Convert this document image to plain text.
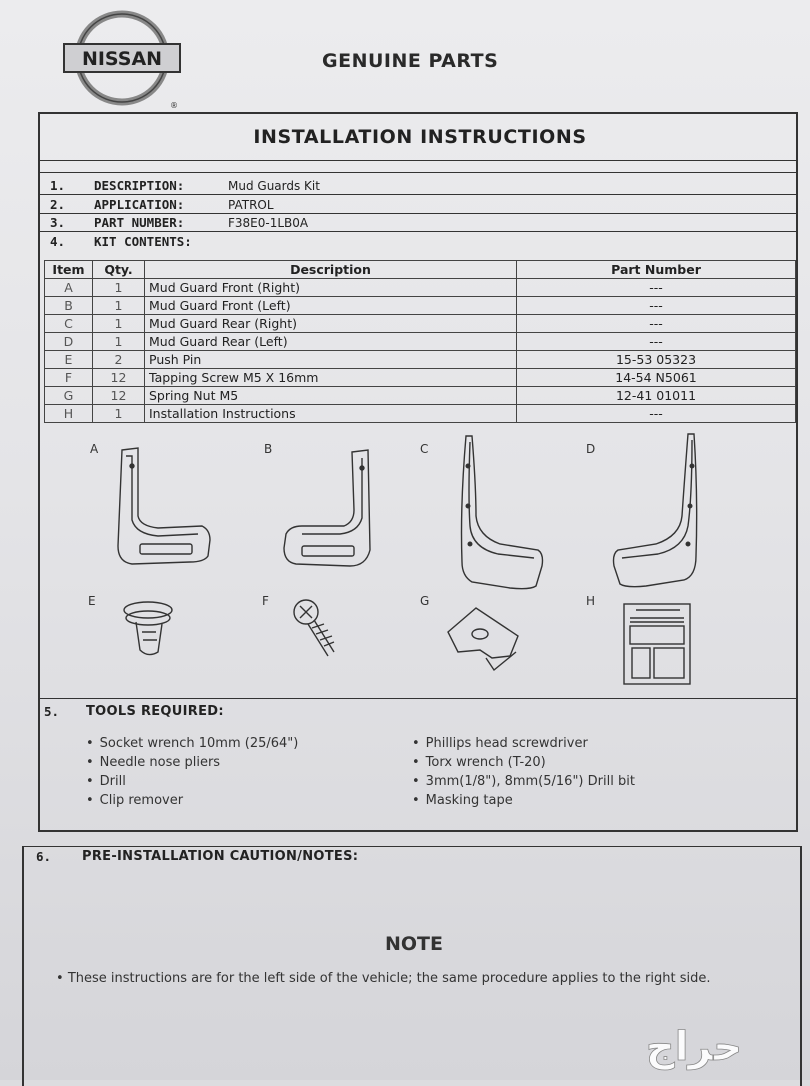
NISSAN
®
GENUINE PARTS
INSTALLATION INSTRUCTIONS
1. DESCRIPTION:	Mud Guards Kit
2. APPLICATION:	PATROL
3. PART NUMBER:	F38E0-1LB0A
4. KIT CONTENTS:
Item	Qty.	Description	Part Number
A	1	Mud Guard Front (Right)	---
B	1	Mud Guard Front (Left)	---
C	1	Mud Guard Rear (Right)	---
D	1	Mud Guard Rear (Left)	---
E	2	Push Pin	15-53 05323
F	12	Tapping Screw M5 X 16mm	14-54 N5061
G	12	Spring Nut M5	12-41 01011
H	1	Installation Instructions	---
A	B	C	D
E	F	G	H
5. TOOLS REQUIRED:
• Socket wrench 10mm (25/64")
• Needle nose pliers
• Drill
• Clip remover
• Phillips head screwdriver
• Torx wrench (T-20)
• 3mm(1/8"), 8mm(5/16") Drill bit
• Masking tape
6. PRE-INSTALLATION CAUTION/NOTES:
NOTE
• These instructions are for the left side of the vehicle; the same procedure applies to the right side.
حراج
